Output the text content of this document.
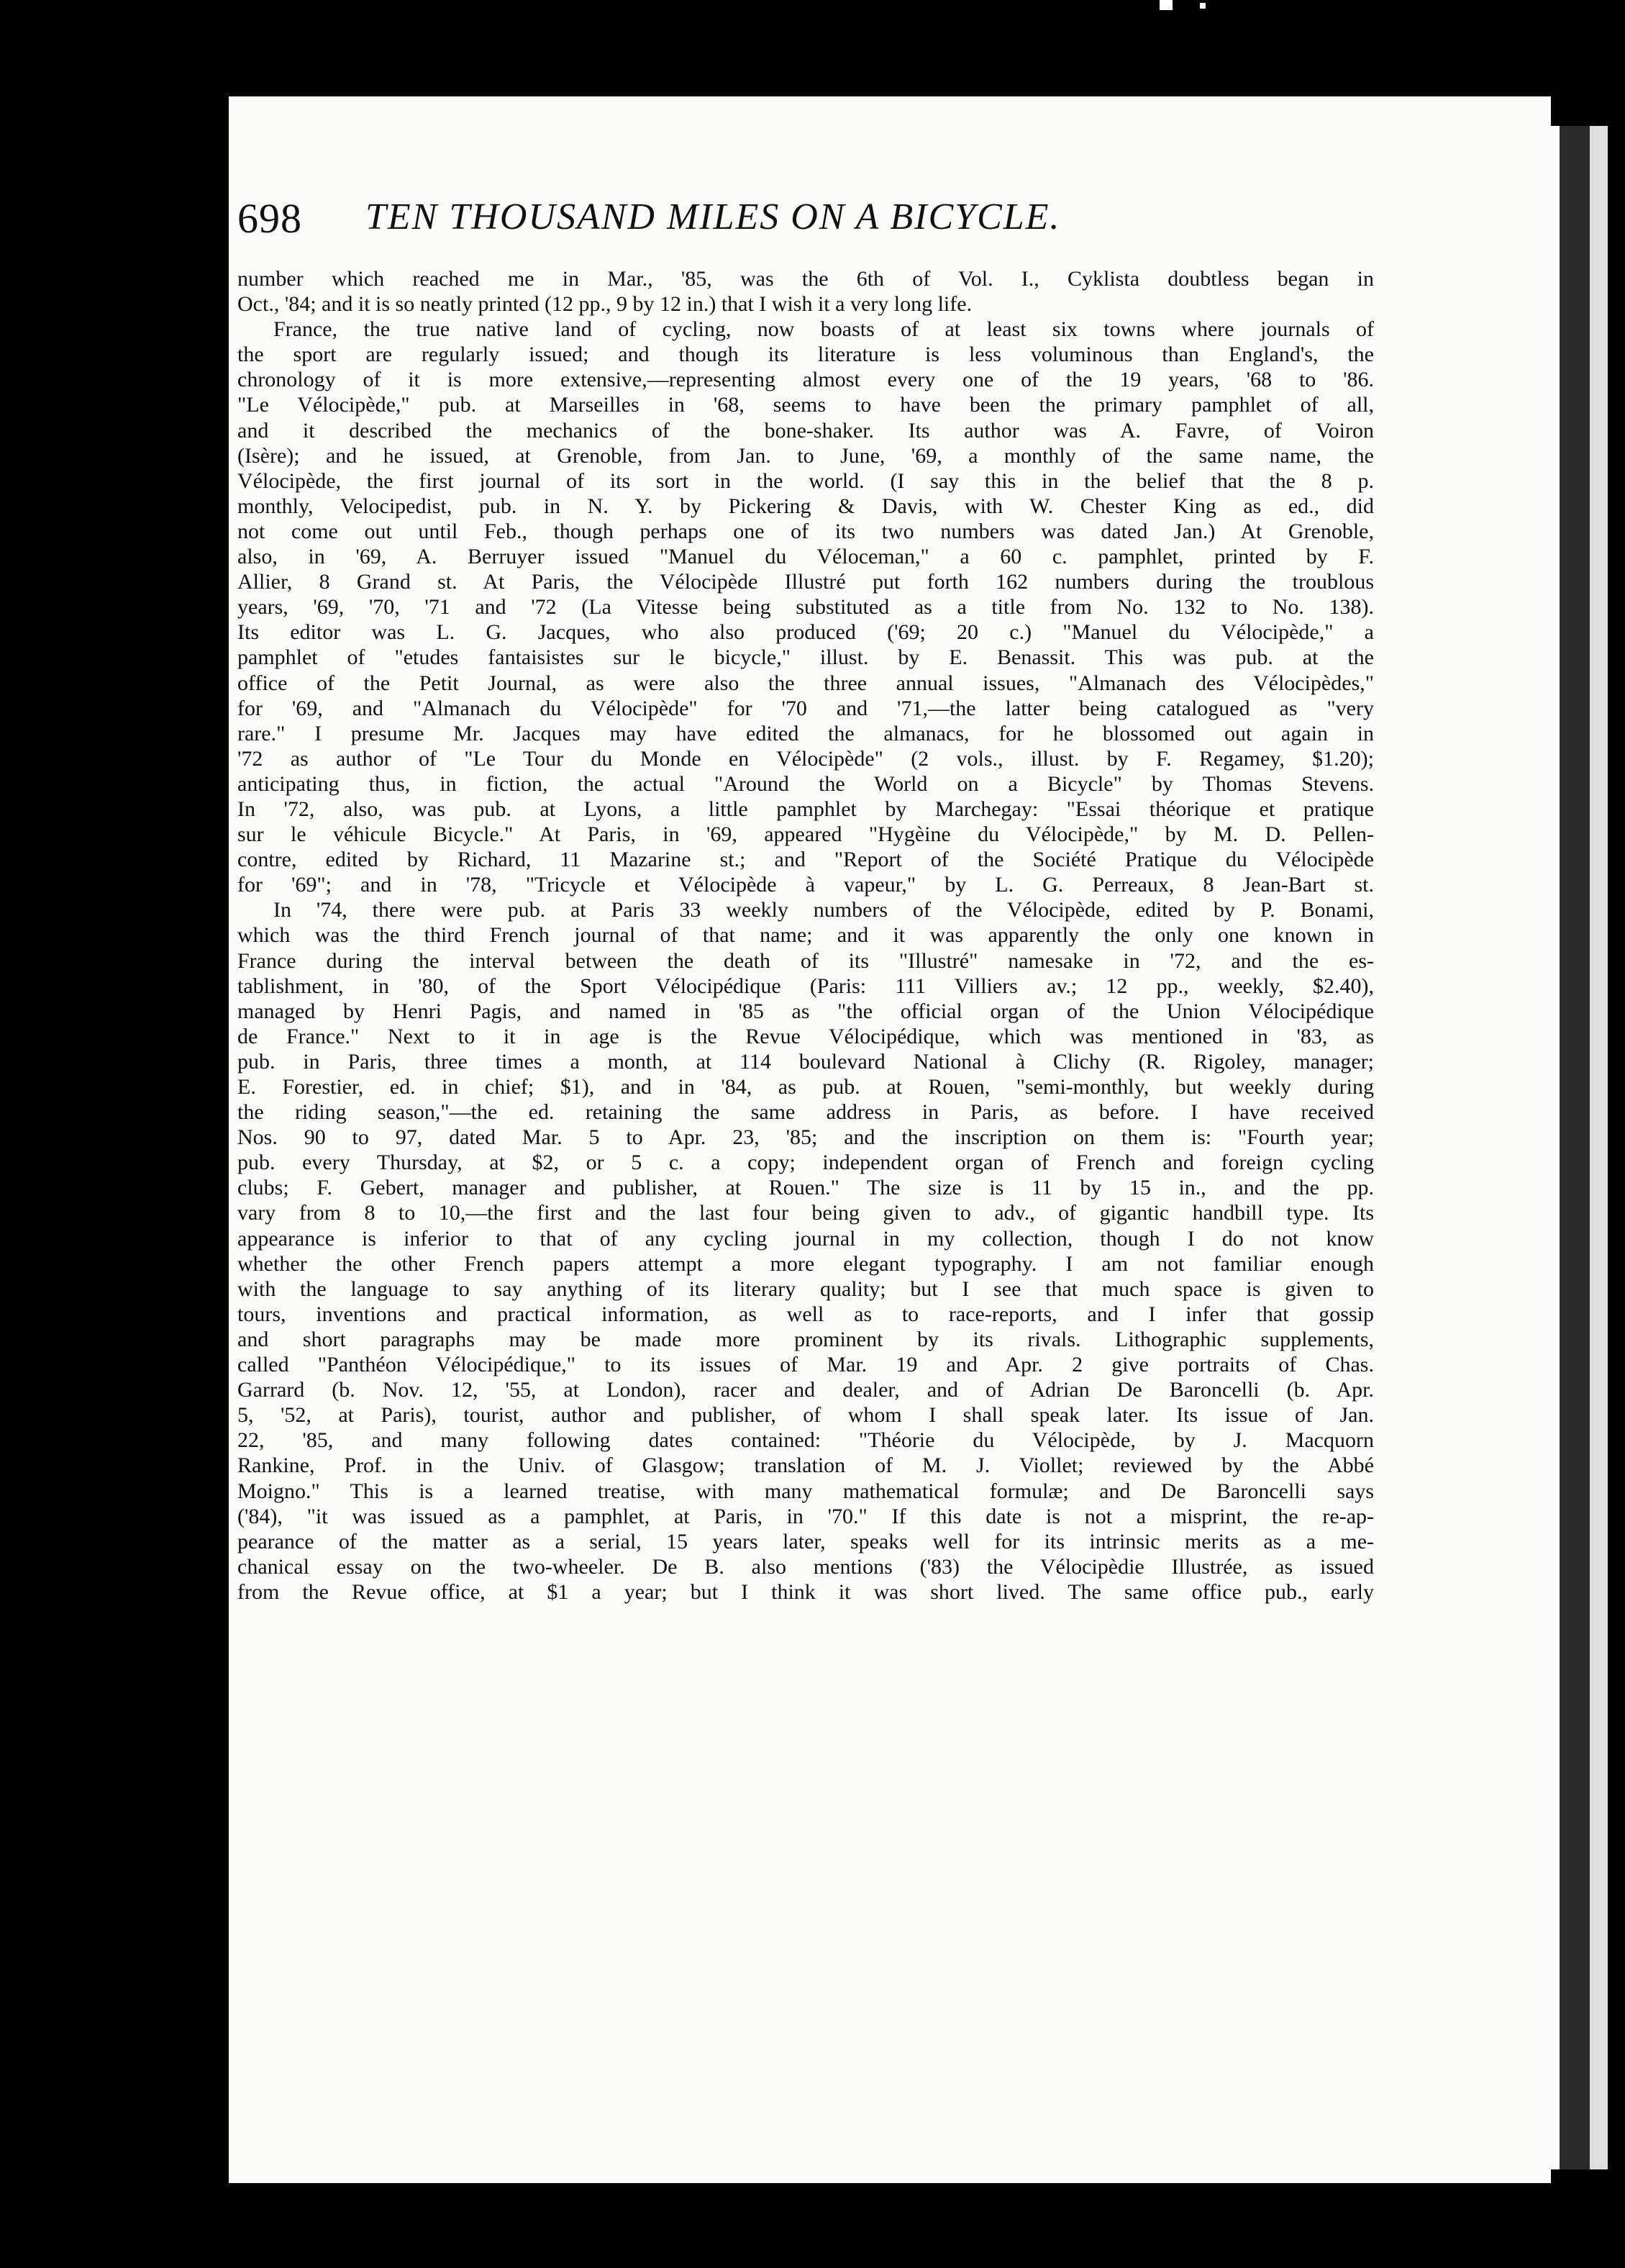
698 TEN THOUSAND MILES ON A BICYCLE.
number which reached me in Mar., '85, was the 6th of Vol. I., Cyklista doubtless began in
Oct., '84; and it is so neatly printed (12 pp., 9 by 12 in.) that I wish it a very long life.
France, the true native land of cycling, now boasts of at least six towns where journals of
the sport are regularly issued; and though its literature is less voluminous than England's, the
chronology of it is more extensive,—representing almost every one of the 19 years, '68 to '86.
"Le Vélocipède," pub. at Marseilles in '68, seems to have been the primary pamphlet of all,
and it described the mechanics of the bone-shaker. Its author was A. Favre, of Voiron
(Isère); and he issued, at Grenoble, from Jan. to June, '69, a monthly of the same name, the
Vélocipède, the first journal of its sort in the world. (I say this in the belief that the 8 p.
monthly, Velocipedist, pub. in N. Y. by Pickering & Davis, with W. Chester King as ed., did
not come out until Feb., though perhaps one of its two numbers was dated Jan.) At Grenoble,
also, in '69, A. Berruyer issued "Manuel du Véloceman," a 60 c. pamphlet, printed by F.
Allier, 8 Grand st. At Paris, the Vélocipède Illustré put forth 162 numbers during the troublous
years, '69, '70, '71 and '72 (La Vitesse being substituted as a title from No. 132 to No. 138).
Its editor was L. G. Jacques, who also produced ('69; 20 c.) "Manuel du Vélocipède," a
pamphlet of "etudes fantaisistes sur le bicycle," illust. by E. Benassit. This was pub. at the
office of the Petit Journal, as were also the three annual issues, "Almanach des Vélocipèdes,"
for '69, and "Almanach du Vélocipède" for '70 and '71,—the latter being catalogued as "very
rare." I presume Mr. Jacques may have edited the almanacs, for he blossomed out again in
'72 as author of "Le Tour du Monde en Vélocipède" (2 vols., illust. by F. Regamey, $1.20);
anticipating thus, in fiction, the actual "Around the World on a Bicycle" by Thomas Stevens.
In '72, also, was pub. at Lyons, a little pamphlet by Marchegay: "Essai théorique et pratique
sur le véhicule Bicycle." At Paris, in '69, appeared "Hygèine du Vélocipède," by M. D. Pellen-
contre, edited by Richard, 11 Mazarine st.; and "Report of the Société Pratique du Vélocipède
for '69"; and in '78, "Tricycle et Vélocipède à vapeur," by L. G. Perreaux, 8 Jean-Bart st.
In '74, there were pub. at Paris 33 weekly numbers of the Vélocipède, edited by P. Bonami,
which was the third French journal of that name; and it was apparently the only one known in
France during the interval between the death of its "Illustré" namesake in '72, and the es-
tablishment, in '80, of the Sport Vélocipédique (Paris: 111 Villiers av.; 12 pp., weekly, $2.40),
managed by Henri Pagis, and named in '85 as "the official organ of the Union Vélocipédique
de France." Next to it in age is the Revue Vélocipédique, which was mentioned in '83, as
pub. in Paris, three times a month, at 114 boulevard National à Clichy (R. Rigoley, manager;
E. Forestier, ed. in chief; $1), and in '84, as pub. at Rouen, "semi-monthly, but weekly during
the riding season,"—the ed. retaining the same address in Paris, as before. I have received
Nos. 90 to 97, dated Mar. 5 to Apr. 23, '85; and the inscription on them is: "Fourth year;
pub. every Thursday, at $2, or 5 c. a copy; independent organ of French and foreign cycling
clubs; F. Gebert, manager and publisher, at Rouen." The size is 11 by 15 in., and the pp.
vary from 8 to 10,—the first and the last four being given to adv., of gigantic handbill type. Its
appearance is inferior to that of any cycling journal in my collection, though I do not know
whether the other French papers attempt a more elegant typography. I am not familiar enough
with the language to say anything of its literary quality; but I see that much space is given to
tours, inventions and practical information, as well as to race-reports, and I infer that gossip
and short paragraphs may be made more prominent by its rivals. Lithographic supplements,
called "Panthéon Vélocipédique," to its issues of Mar. 19 and Apr. 2 give portraits of Chas.
Garrard (b. Nov. 12, '55, at London), racer and dealer, and of Adrian De Baroncelli (b. Apr.
5, '52, at Paris), tourist, author and publisher, of whom I shall speak later. Its issue of Jan.
22, '85, and many following dates contained: "Théorie du Vélocipède, by J. Macquorn
Rankine, Prof. in the Univ. of Glasgow; translation of M. J. Viollet; reviewed by the Abbé
Moigno." This is a learned treatise, with many mathematical formulæ; and De Baroncelli says
('84), "it was issued as a pamphlet, at Paris, in '70." If this date is not a misprint, the re-ap-
pearance of the matter as a serial, 15 years later, speaks well for its intrinsic merits as a me-
chanical essay on the two-wheeler. De B. also mentions ('83) the Vélocipèdie Illustrée, as issued
from the Revue office, at $1 a year; but I think it was short lived. The same office pub., early
